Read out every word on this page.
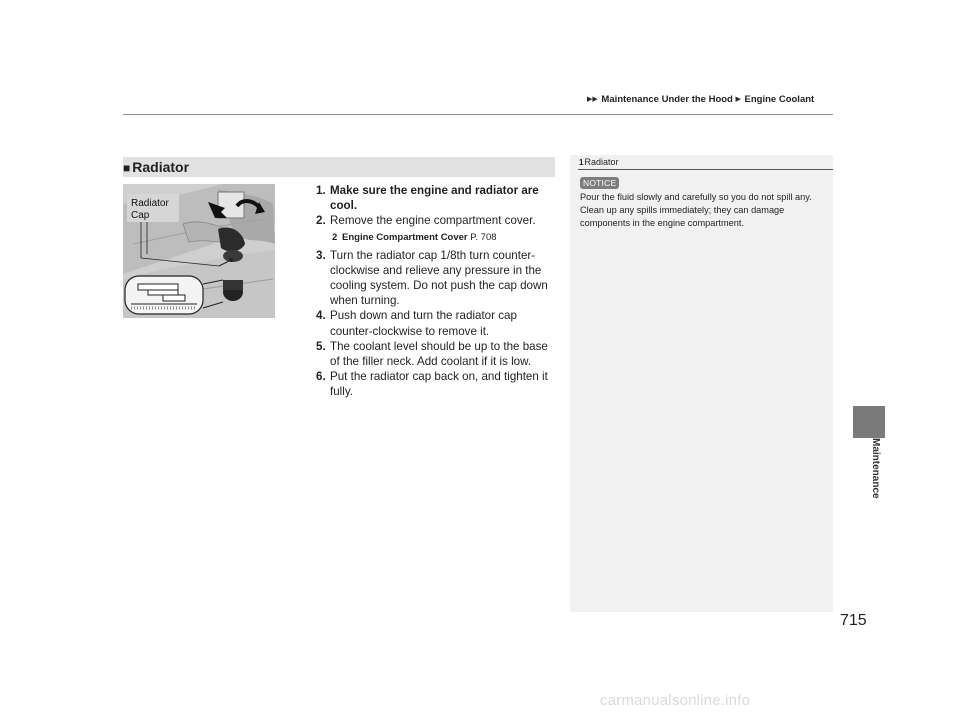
▶▶ Maintenance Under the Hood ▶ Engine Coolant
Maintenance
■ Radiator
Radiator
Cap

1. Make sure the engine and radiator are cool.

2. Remove the engine compartment cover.

2 Engine Compartment Cover P. 708

3. Turn the radiator cap 1/8th turn counter-clockwise and relieve any pressure in the cooling system. Do not push the cap down when turning.

4. Push down and turn the radiator cap counter-clockwise to remove it.

5. The coolant level should be up to the base of the filler neck. Add coolant if it is low.

6. Put the radiator cap back on, and tighten it fully.

1Radiator
NOTICE
Pour the fluid slowly and carefully so you do not spill any. Clean up any spills immediately; they can damage components in the engine compartment.
715
carmanualsonline.info
